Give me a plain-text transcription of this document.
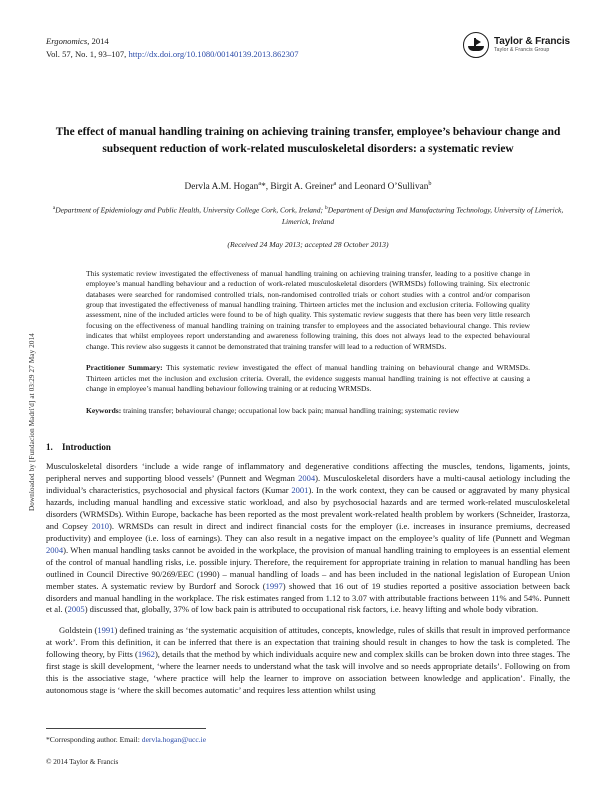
Downloaded by [Fundacion Madri'd] at 03:29 27 May 2014
Ergonomics, 2014
Vol. 57, No. 1, 93–107, http://dx.doi.org/10.1080/00140139.2013.862307
Taylor & Francis
Taylor & Francis Group
The effect of manual handling training on achieving training transfer, employee’s behaviour change and subsequent reduction of work-related musculoskeletal disorders: a systematic review
Dervla A.M. Hogan$^a$*, Birgit A. Greiner$^a$ and Leonard O’Sullivan$^b$
$^a$Department of Epidemiology and Public Health, University College Cork, Cork, Ireland; $^b$Department of Design and Manufacturing Technology, University of Limerick, Limerick, Ireland
(Received 24 May 2013; accepted 28 October 2013)

This systematic review investigated the effectiveness of manual handling training on achieving training transfer, leading to a positive change in employee’s manual handling behaviour and a reduction of work-related musculoskeletal disorders (WRMSDs) following training. Six electronic databases were searched for randomised controlled trials, non-randomised controlled trials or cohort studies with a control and/or comparison group that investigated the effectiveness of manual handling training. Thirteen articles met the inclusion and exclusion criteria. Following quality assessment, nine of the included articles were found to be of high quality. This systematic review suggests that there has been very little research focusing on the effectiveness of manual handling training on training transfer to employees and the associated behavioural change. This review indicates that whilst employees report understanding and awareness following training, this does not always lead to the expected behavioural change. This review also suggests it cannot be demonstrated that training transfer will lead to a reduction of WRMSDs.

Practitioner Summary: This systematic review investigated the effect of manual handling training on behavioural change and WRMSDs. Thirteen articles met the inclusion and exclusion criteria. Overall, the evidence suggests manual handling training is not effective at causing a change in employee’s manual handling behaviour following training or at reducing WRMSDs.

Keywords: training transfer; behavioural change; occupational low back pain; manual handling training; systematic review

1. Introduction

Musculoskeletal disorders ‘include a wide range of inflammatory and degenerative conditions affecting the muscles, tendons, ligaments, joints, peripheral nerves and supporting blood vessels’ (Punnett and Wegman 2004). Musculoskeletal disorders have a multi-causal aetiology including the individual’s characteristics, psychosocial and physical factors (Kumar 2001). In the work context, they can be caused or aggravated by many physical hazards, including manual handling and excessive static workload, and also by psychosocial hazards and are termed work-related musculoskeletal disorders (WRMSDs). Within Europe, backache has been reported as the most prevalent work-related health problem by workers (Schneider, Irastorza, and Copsey 2010). WRMSDs can result in direct and indirect financial costs for the employer (i.e. increases in insurance premiums, decreased productivity) and employee (i.e. loss of earnings). They can also result in a negative impact on the employee’s quality of life (Punnett and Wegman 2004). When manual handling tasks cannot be avoided in the workplace, the provision of manual handling training to employees is an essential element of the control of manual handling risks, i.e. possible injury. Therefore, the requirement for appropriate training in relation to manual handling has been outlined in Council Directive 90/269/EEC (1990) – manual handling of loads – and has been included in the national legislation of European Union member states. A systematic review by Burdorf and Sorock (1997) showed that 16 out of 19 studies reported a positive association between back disorders and manual handling in the workplace. The risk estimates ranged from 1.12 to 3.07 with attributable fractions between 11% and 54%. Punnett et al. (2005) discussed that, globally, 37% of low back pain is attributed to occupational risk factors, i.e. heavy lifting and whole body vibration.

Goldstein (1991) defined training as ‘the systematic acquisition of attitudes, concepts, knowledge, rules of skills that result in improved performance at work’. From this definition, it can be inferred that there is an expectation that training should result in changes to how the task is completed. The following theory, by Fitts (1962), details that the method by which individuals acquire new and complex skills can be broken down into three stages. The first stage is skill development, ‘where the learner needs to understand what the task will involve and so needs appropriate details’. Following on from this is the associative stage, ‘where practice will help the learner to improve on association between knowledge and application’. Finally, the autonomous stage is ‘where the skill becomes automatic’ and requires less attention whilst using

*Corresponding author. Email: dervla.hogan@ucc.ie
© 2014 Taylor & Francis
